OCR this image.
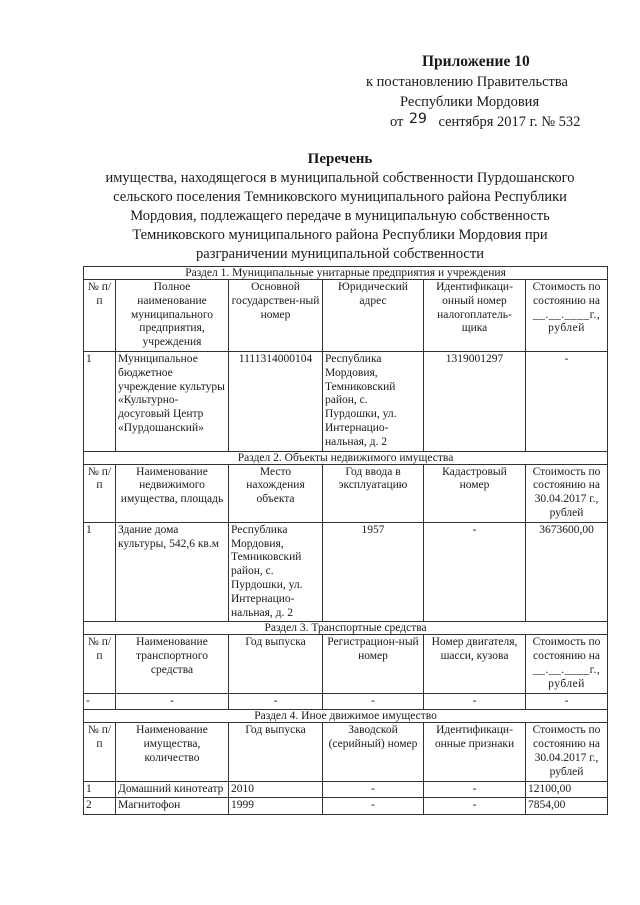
Приложение 10
к постановлению Правительства
Республики Мордовия
от 29 сентября 2017 г. № 532
Перечень
имущества, находящегося в муниципальной собственности Пурдошанского
сельского поселения Темниковского муниципального района Республики
Мордовия, подлежащего передаче в муниципальную собственность
Темниковского муниципального района Республики Мордовия при
разграничении муниципальной собственности
Раздел 1. Муниципальные унитарные предприятия и учреждения					
№ п/п	Полное наименование муниципального предприятия, учреждения	Основной государствен-ный номер	Юридический адрес	Идентификаци-онный номер налогоплатель-щика	Стоимость по состоянию на
__.__.____г., рублей

1	Муниципальное бюджетное учреждение культуры «Культурно-досуговый Центр «Пурдошанский»	1111314000104	Республика Мордовия, Темниковский район, с. Пурдошки, ул. Интернацио-нальная, д. 2	1319001297	-
Раздел 2. Объекты недвижимого имущества					
№ п/п	Наименование недвижимого имущества, площадь	Место нахождения объекта	Год ввода в эксплуатацию	Кадастровый номер	Стоимость по состоянию на 30.04.2017 г., рублей
1	Здание дома культуры, 542,6 кв.м	Республика Мордовия, Темниковский район, с. Пурдошки, ул. Интернацио-нальная, д. 2	1957	-	3673600,00
Раздел 3. Транспортные средства					
№ п/п	Наименование транспортного средства	Год выпуска	Регистрацион-ный номер	Номер двигателя, шасси, кузова	Стоимость по состоянию на
__.__.____г., рублей

-	-	-	-	-	-
Раздел 4. Иное движимое имущество					
№ п/п	Наименование имущества, количество	Год выпуска	Заводской (серийный) номер	Идентификаци-онные признаки	Стоимость по состоянию на 30.04.2017 г., рублей
1	Домашний кинотеатр	2010	-	-	12100,00
2	Магнитофон	1999	-	-	7854,00
